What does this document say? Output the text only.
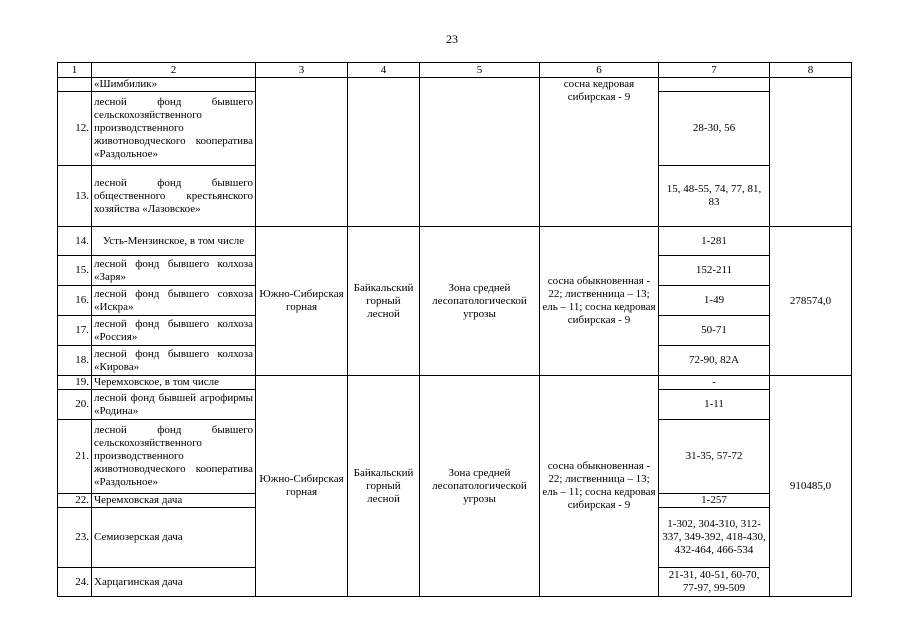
23
1	2	3	4	5	6	7	8
	«Шимбилик»				сосна кедровая сибирская - 9		
12.	лесной фонд бывшего сельскохозяйственного производственного животноводческого кооператива «Раздольное»					28-30, 56	
13.	лесной фонд бывшего общественного крестьянского хозяйства «Лазовское»					15, 48-55, 74, 77, 81, 83	
14.	Усть-Мензинское, в том числе	Южно-Сибирская горная	Байкальский горный лесной	Зона средней лесопатологической угрозы	сосна обыкновенная - 22; лиственница – 13; ель – 11; сосна кедровая сибирская - 9	1-281	278574,0
15.	лесной фонд бывшего колхоза «Заря»					152-211	
16.	лесной фонд бывшего совхоза «Искра»					1-49	
17.	лесной фонд бывшего колхоза «Россия»					50-71	
18.	лесной фонд бывшего колхоза «Кирова»					72-90, 82А	
19.	Черемховское, в том числе	Южно-Сибирская горная	Байкальский горный лесной	Зона средней лесопатологической угрозы	сосна обыкновенная - 22; лиственница – 13; ель – 11; сосна кедровая сибирская - 9	-	910485,0
20.	лесной фонд бывшей агрофирмы «Родина»					1-11	
21.	лесной фонд бывшего сельскохозяйственного производственного животноводческого кооператива «Раздольное»					31-35, 57-72	
22.	Черемховская дача					1-257	
23.	Семиозерская дача					1-302, 304-310, 312-337, 349-392, 418-430, 432-464, 466-534	
24.	Харцагинская дача					21-31, 40-51, 60-70, 77-97, 99-509	
